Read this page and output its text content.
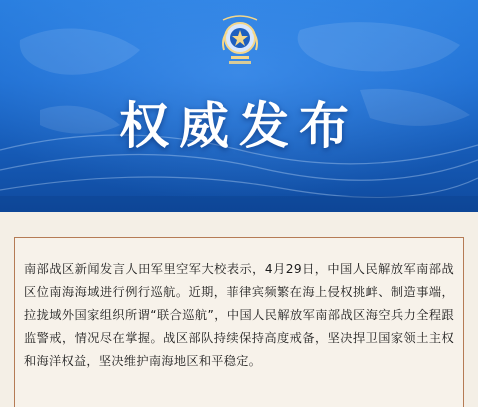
权威发布

南部战区新闻发言人田军里空军大校表示，4月29日，中国人民解放军南部战区位南海海域进行例行巡航。近期，菲律宾频繁在海上侵权挑衅、制造事端，拉拢域外国家组织所谓“联合巡航”，中国人民解放军南部战区海空兵力全程跟监警戒，情况尽在掌握。战区部队持续保持高度戒备，坚决捍卫国家领土主权和海洋权益，坚决维护南海地区和平稳定。
